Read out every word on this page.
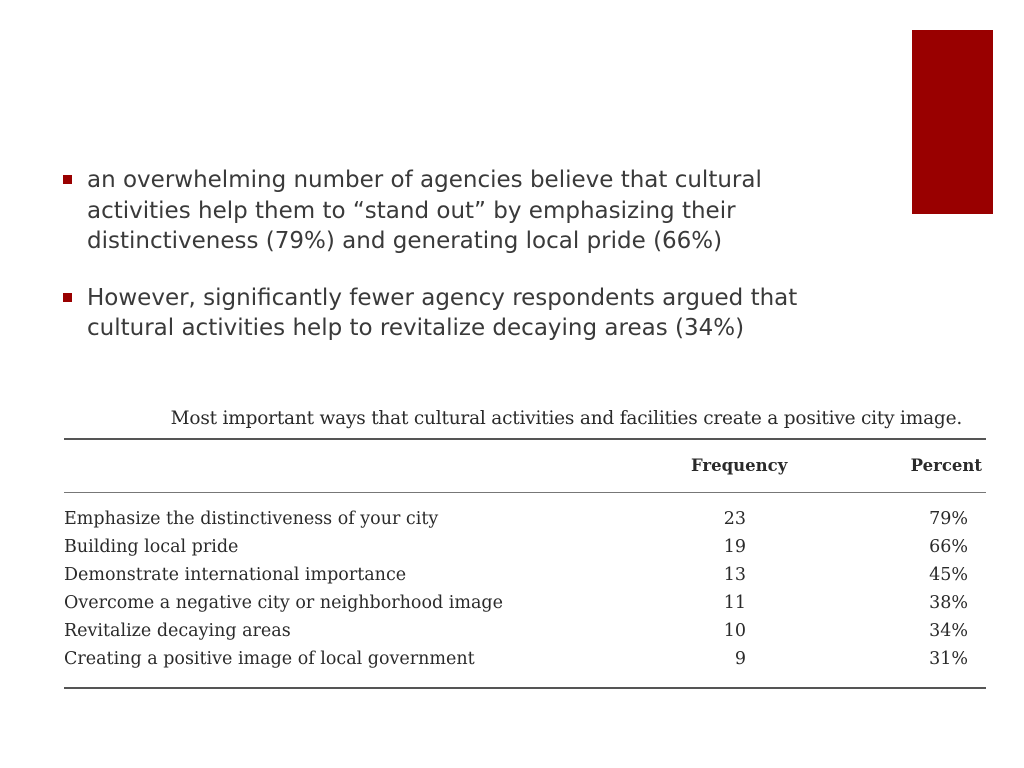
an overwhelming number of agencies believe that cultural activities help them to “stand out” by emphasizing their distinctiveness (79%) and generating local pride (66%)
However, significantly fewer agency respondents argued that cultural activities help to revitalize decaying areas (34%)
Most important ways that cultural activities and facilities create a positive city image.
Frequency	Percent
Emphasize the distinctiveness of your city	23	79%
Building local pride	19	66%
Demonstrate international importance	13	45%
Overcome a negative city or neighborhood image	11	38%
Revitalize decaying areas	10	34%
Creating a positive image of local government	9	31%
